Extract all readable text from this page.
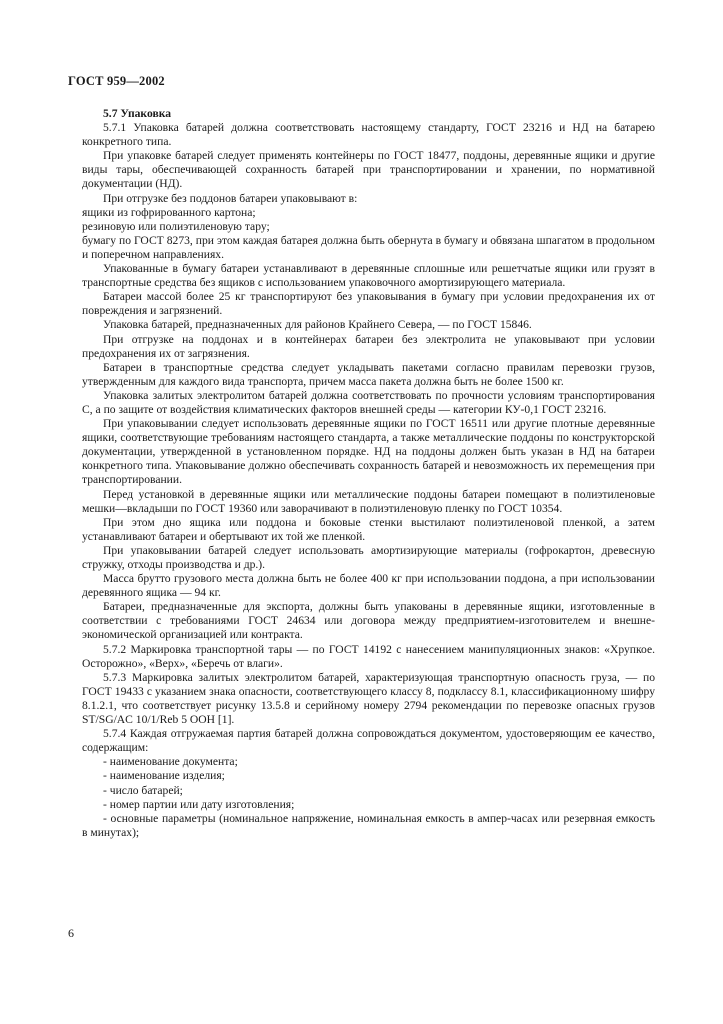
ГОСТ 959—2002

5.7 Упаковка

5.7.1 Упаковка батарей должна соответствовать настоящему стандарту, ГОСТ 23216 и НД на батарею конкретного типа.

При упаковке батарей следует применять контейнеры по ГОСТ 18477, поддоны, деревянные ящики и другие виды тары, обеспечивающей сохранность батарей при транспортировании и хранении, по нормативной документации (НД).

При отгрузке без поддонов батареи упаковывают в:

ящики из гофрированного картона;

резиновую или полиэтиленовую тару;

бумагу по ГОСТ 8273, при этом каждая батарея должна быть обернута в бумагу и обвязана шпагатом в продольном и поперечном направлениях.

Упакованные в бумагу батареи устанавливают в деревянные сплошные или решетчатые ящики или грузят в транспортные средства без ящиков с использованием упаковочного амортизирующего материала.

Батареи массой более 25 кг транспортируют без упаковывания в бумагу при условии предохранения их от повреждения и загрязнений.

Упаковка батарей, предназначенных для районов Крайнего Севера, — по ГОСТ 15846.

При отгрузке на поддонах и в контейнерах батареи без электролита не упаковывают при условии предохранения их от загрязнения.

Батареи в транспортные средства следует укладывать пакетами согласно правилам перевозки грузов, утвержденным для каждого вида транспорта, причем масса пакета должна быть не более 1500 кг.

Упаковка залитых электролитом батарей должна соответствовать по прочности условиям транспортирования С, а по защите от воздействия климатических факторов внешней среды — категории КУ-0,1 ГОСТ 23216.

При упаковывании следует использовать деревянные ящики по ГОСТ 16511 или другие плотные деревянные ящики, соответствующие требованиям настоящего стандарта, а также металлические поддоны по конструкторской документации, утвержденной в установленном порядке. НД на поддоны должен быть указан в НД на батареи конкретного типа. Упаковывание должно обеспечивать сохранность батарей и невозможность их перемещения при транспортировании.

Перед установкой в деревянные ящики или металлические поддоны батареи помещают в полиэтиленовые мешки—вкладыши по ГОСТ 19360 или заворачивают в полиэтиленовую пленку по ГОСТ 10354.

При этом дно ящика или поддона и боковые стенки выстилают полиэтиленовой пленкой, а затем устанавливают батареи и обертывают их той же пленкой.

При упаковывании батарей следует использовать амортизирующие материалы (гофрокартон, древесную стружку, отходы производства и др.).

Масса брутто грузового места должна быть не более 400 кг при использовании поддона, а при использовании деревянного ящика — 94 кг.

Батареи, предназначенные для экспорта, должны быть упакованы в деревянные ящики, изготовленные в соответствии с требованиями ГОСТ 24634 или договора между предприятием-изготовителем и внешне-экономической организацией или контракта.

5.7.2 Маркировка транспортной тары — по ГОСТ 14192 с нанесением манипуляционных знаков: «Хрупкое. Осторожно», «Верх», «Беречь от влаги».

5.7.3 Маркировка залитых электролитом батарей, характеризующая транспортную опасность груза, — по ГОСТ 19433 с указанием знака опасности, соответствующего классу 8, подклассу 8.1, классификационному шифру 8.1.2.1, что соответствует рисунку 13.5.8 и серийному номеру 2794 рекомендации по перевозке опасных грузов ST/SG/AC 10/1/Reb 5 OOH [1].

5.7.4 Каждая отгружаемая партия батарей должна сопровождаться документом, удостоверяющим ее качество, содержащим:

- наименование документа;

- наименование изделия;

- число батарей;

- номер партии или дату изготовления;

- основные параметры (номинальное напряжение, номинальная емкость в ампер-часах или резервная емкость в минутах);

6
